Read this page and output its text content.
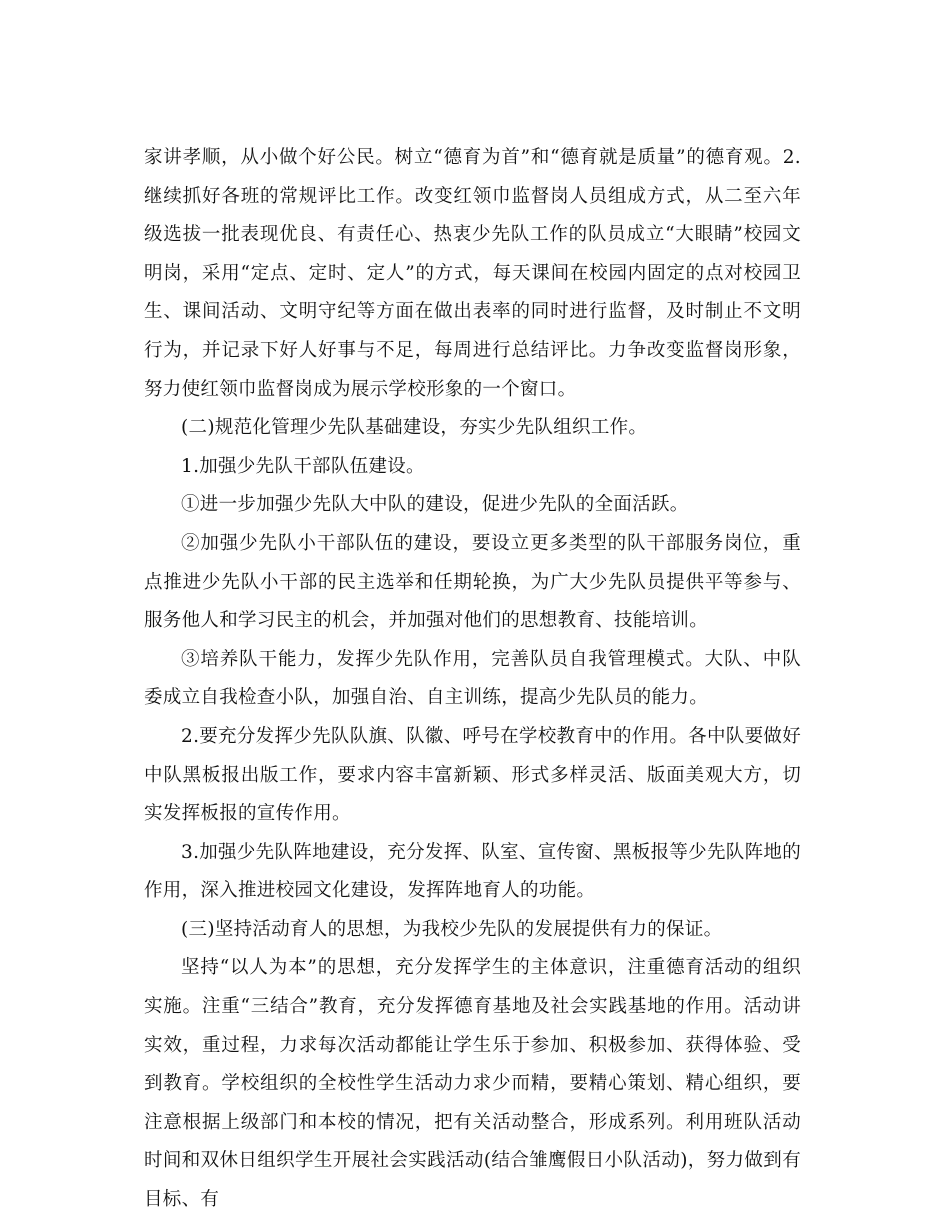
家讲孝顺，从小做个好公民。树立“德育为首”和“德育就是质量”的德育观。2.继续抓好各班的常规评比工作。改变红领巾监督岗人员组成方式，从二至六年级选拔一批表现优良、有责任心、热衷少先队工作的队员成立“大眼睛”校园文明岗，采用“定点、定时、定人”的方式，每天课间在校园内固定的点对校园卫生、课间活动、文明守纪等方面在做出表率的同时进行监督，及时制止不文明行为，并记录下好人好事与不足，每周进行总结评比。力争改变监督岗形象，努力使红领巾监督岗成为展示学校形象的一个窗口。

(二)规范化管理少先队基础建设，夯实少先队组织工作。

1.加强少先队干部队伍建设。

①进一步加强少先队大中队的建设，促进少先队的全面活跃。

②加强少先队小干部队伍的建设，要设立更多类型的队干部服务岗位，重点推进少先队小干部的民主选举和任期轮换，为广大少先队员提供平等参与、服务他人和学习民主的机会，并加强对他们的思想教育、技能培训。

③培养队干能力，发挥少先队作用，完善队员自我管理模式。大队、中队委成立自我检查小队，加强自治、自主训练，提高少先队员的能力。

2.要充分发挥少先队队旗、队徽、呼号在学校教育中的作用。各中队要做好中队黑板报出版工作，要求内容丰富新颖、形式多样灵活、版面美观大方，切实发挥板报的宣传作用。

3.加强少先队阵地建设，充分发挥、队室、宣传窗、黑板报等少先队阵地的作用，深入推进校园文化建设，发挥阵地育人的功能。

(三)坚持活动育人的思想，为我校少先队的发展提供有力的保证。

坚持“以人为本”的思想，充分发挥学生的主体意识，注重德育活动的组织实施。注重“三结合”教育，充分发挥德育基地及社会实践基地的作用。活动讲实效，重过程，力求每次活动都能让学生乐于参加、积极参加、获得体验、受到教育。学校组织的全校性学生活动力求少而精，要精心策划、精心组织，要注意根据上级部门和本校的情况，把有关活动整合，形成系列。利用班队活动时间和双休日组织学生开展社会实践活动(结合雏鹰假日小队活动)，努力做到有目标、有
